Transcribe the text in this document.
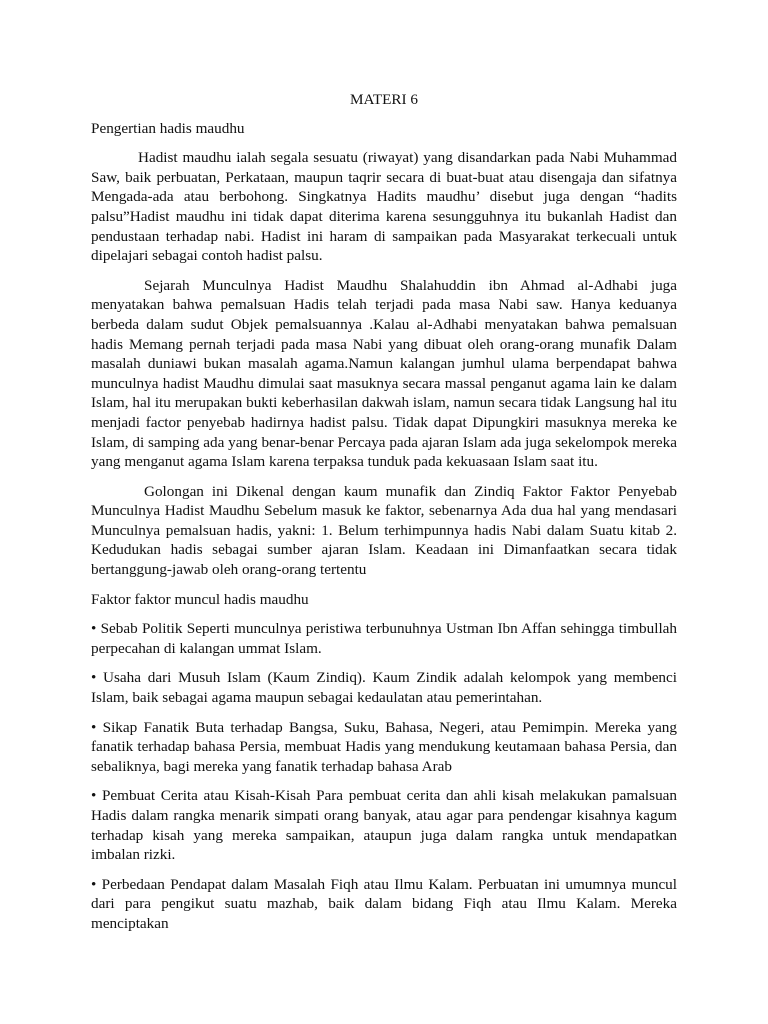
MATERI 6

Pengertian hadis maudhu

Hadist maudhu ialah segala sesuatu (riwayat) yang disandarkan pada Nabi Muhammad Saw, baik perbuatan, Perkataan, maupun taqrir secara di buat-buat atau disengaja dan sifatnya Mengada-ada atau berbohong. Singkatnya Hadits maudhu’ disebut juga dengan “hadits palsu”Hadist maudhu ini tidak dapat diterima karena sesungguhnya itu bukanlah Hadist dan pendustaan terhadap nabi. Hadist ini haram di sampaikan pada Masyarakat terkecuali untuk dipelajari sebagai contoh hadist palsu.

Sejarah Munculnya Hadist Maudhu Shalahuddin ibn Ahmad al-Adhabi juga menyatakan bahwa pemalsuan Hadis telah terjadi pada masa Nabi saw. Hanya keduanya berbeda dalam sudut Objek pemalsuannya .Kalau al-Adhabi menyatakan bahwa pemalsuan hadis Memang pernah terjadi pada masa Nabi yang dibuat oleh orang-orang munafik Dalam masalah duniawi bukan masalah agama.Namun kalangan jumhul ulama berpendapat bahwa munculnya hadist Maudhu dimulai saat masuknya secara massal penganut agama lain ke dalam Islam, hal itu merupakan bukti keberhasilan dakwah islam, namun secara tidak Langsung hal itu menjadi factor penyebab hadirnya hadist palsu. Tidak dapat Dipungkiri masuknya mereka ke Islam, di samping ada yang benar-benar Percaya pada ajaran Islam ada juga sekelompok mereka yang menganut agama Islam karena terpaksa tunduk pada kekuasaan Islam saat itu.

Golongan ini Dikenal dengan kaum munafik dan Zindiq Faktor Faktor Penyebab Munculnya Hadist Maudhu Sebelum masuk ke faktor, sebenarnya Ada dua hal yang mendasari Munculnya pemalsuan hadis, yakni: 1. Belum terhimpunnya hadis Nabi dalam Suatu kitab 2. Kedudukan hadis sebagai sumber ajaran Islam. Keadaan ini Dimanfaatkan secara tidak bertanggung-jawab oleh orang-orang tertentu

Faktor faktor muncul hadis maudhu

• Sebab Politik Seperti munculnya peristiwa terbunuhnya Ustman Ibn Affan sehingga timbullah perpecahan di kalangan ummat Islam.

• Usaha dari Musuh Islam (Kaum Zindiq). Kaum Zindik adalah kelompok yang membenci Islam, baik sebagai agama maupun sebagai kedaulatan atau pemerintahan.

• Sikap Fanatik Buta terhadap Bangsa, Suku, Bahasa, Negeri, atau Pemimpin. Mereka yang fanatik terhadap bahasa Persia, membuat Hadis yang mendukung keutamaan bahasa Persia, dan sebaliknya, bagi mereka yang fanatik terhadap bahasa Arab

• Pembuat Cerita atau Kisah-Kisah Para pembuat cerita dan ahli kisah melakukan pamalsuan Hadis dalam rangka menarik simpati orang banyak, atau agar para pendengar kisahnya kagum terhadap kisah yang mereka sampaikan, ataupun juga dalam rangka untuk mendapatkan imbalan rizki.

• Perbedaan Pendapat dalam Masalah Fiqh atau Ilmu Kalam. Perbuatan ini umumnya muncul dari para pengikut suatu mazhab, baik dalam bidang Fiqh atau Ilmu Kalam. Mereka menciptakan
